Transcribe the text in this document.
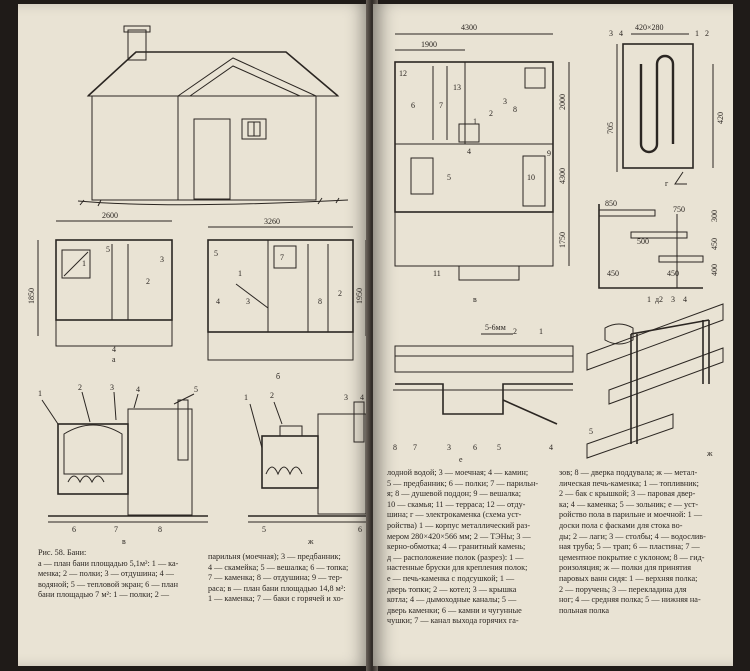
2600
1850
1
2
3
4
5
а
3260
1950
1
2
3
4
5	7
8
б
1
2	3	4	5
6	7	8
в
1	2	3 4
5	6
ж

Рис. 58. Бани:

а — план бани площадью 5,1м²: 1 — ка-

менка; 2 — полки; 3 — отдушина; 4 —

водяной; 5 — тепловой экран; 6 — план

бани площадью 7 м²: 1 — полки; 2 —

парильня (моечная); 3 — предбанник;

4 — скамейка; 5 — вешалка; 6 — топка;

7 — каменка; 8 — отдушина; 9 — тер-

раса; в — план бани площадью 14,8 м²:

1 — каменка; 7 — баки с горячей и хо-

4300
1900
2000
4300
1750
1
2
3
4
5
6	7	8
9
10
11
12
13
в
420×280
705
420
3 4	1 2
г
850
750
500
450
300
450
400
450
д
5-6мм
8 7	3	6	5	4
2	1
е
1 2 3 4
5
ж

лодной водой; 3 — моечная; 4 — камин;

5 — предбанник; 6 — полки; 7 — парильн-

я; 8 — душевой поддон; 9 — вешалка;

10 — скамья; 11 — терраса; 12 — отду-

шина; г — электрокаменка (схема уст-

ройства) 1 — корпус металлический раз-

мером 280×420×566 мм; 2 — ТЭНы; 3 —

керно-обмотка; 4 — гранитный камень;

д — расположение полок (разрез): 1 —

настенные бруски для крепления полок;

е — печь-каменка с подсушкой; 1 —

дверь топки; 2 — котел; 3 — крышка

котла; 4 — дымоходные каналы; 5 —

дверь каменки; 6 — камни и чугунные

чушки; 7 — канал выхода горячих га-

зов; 8 — дверка поддувала; ж — метал-

лическая печь-каменка; 1 — топливник;

2 — бак с крышкой; 3 — паровая двер-

ка; 4 — каменка; 5 — зольник; е — уст-

ройство пола в парильне и моечной: 1 —

доски пола с фасками для стока во-

ды; 2 — лаги; 3 — столбы; 4 — водослив-

ная труба; 5 — трап; 6 — пластина; 7 —

цементное покрытие с уклоном; 8 — гид-

роизоляция; ж — полки для принятия

паровых ванн сидя: 1 — верхняя полка;

2 — поручень; 3 — перекладина для

ног; 4 — средняя полка; 5 — нижняя на-

польная полка
